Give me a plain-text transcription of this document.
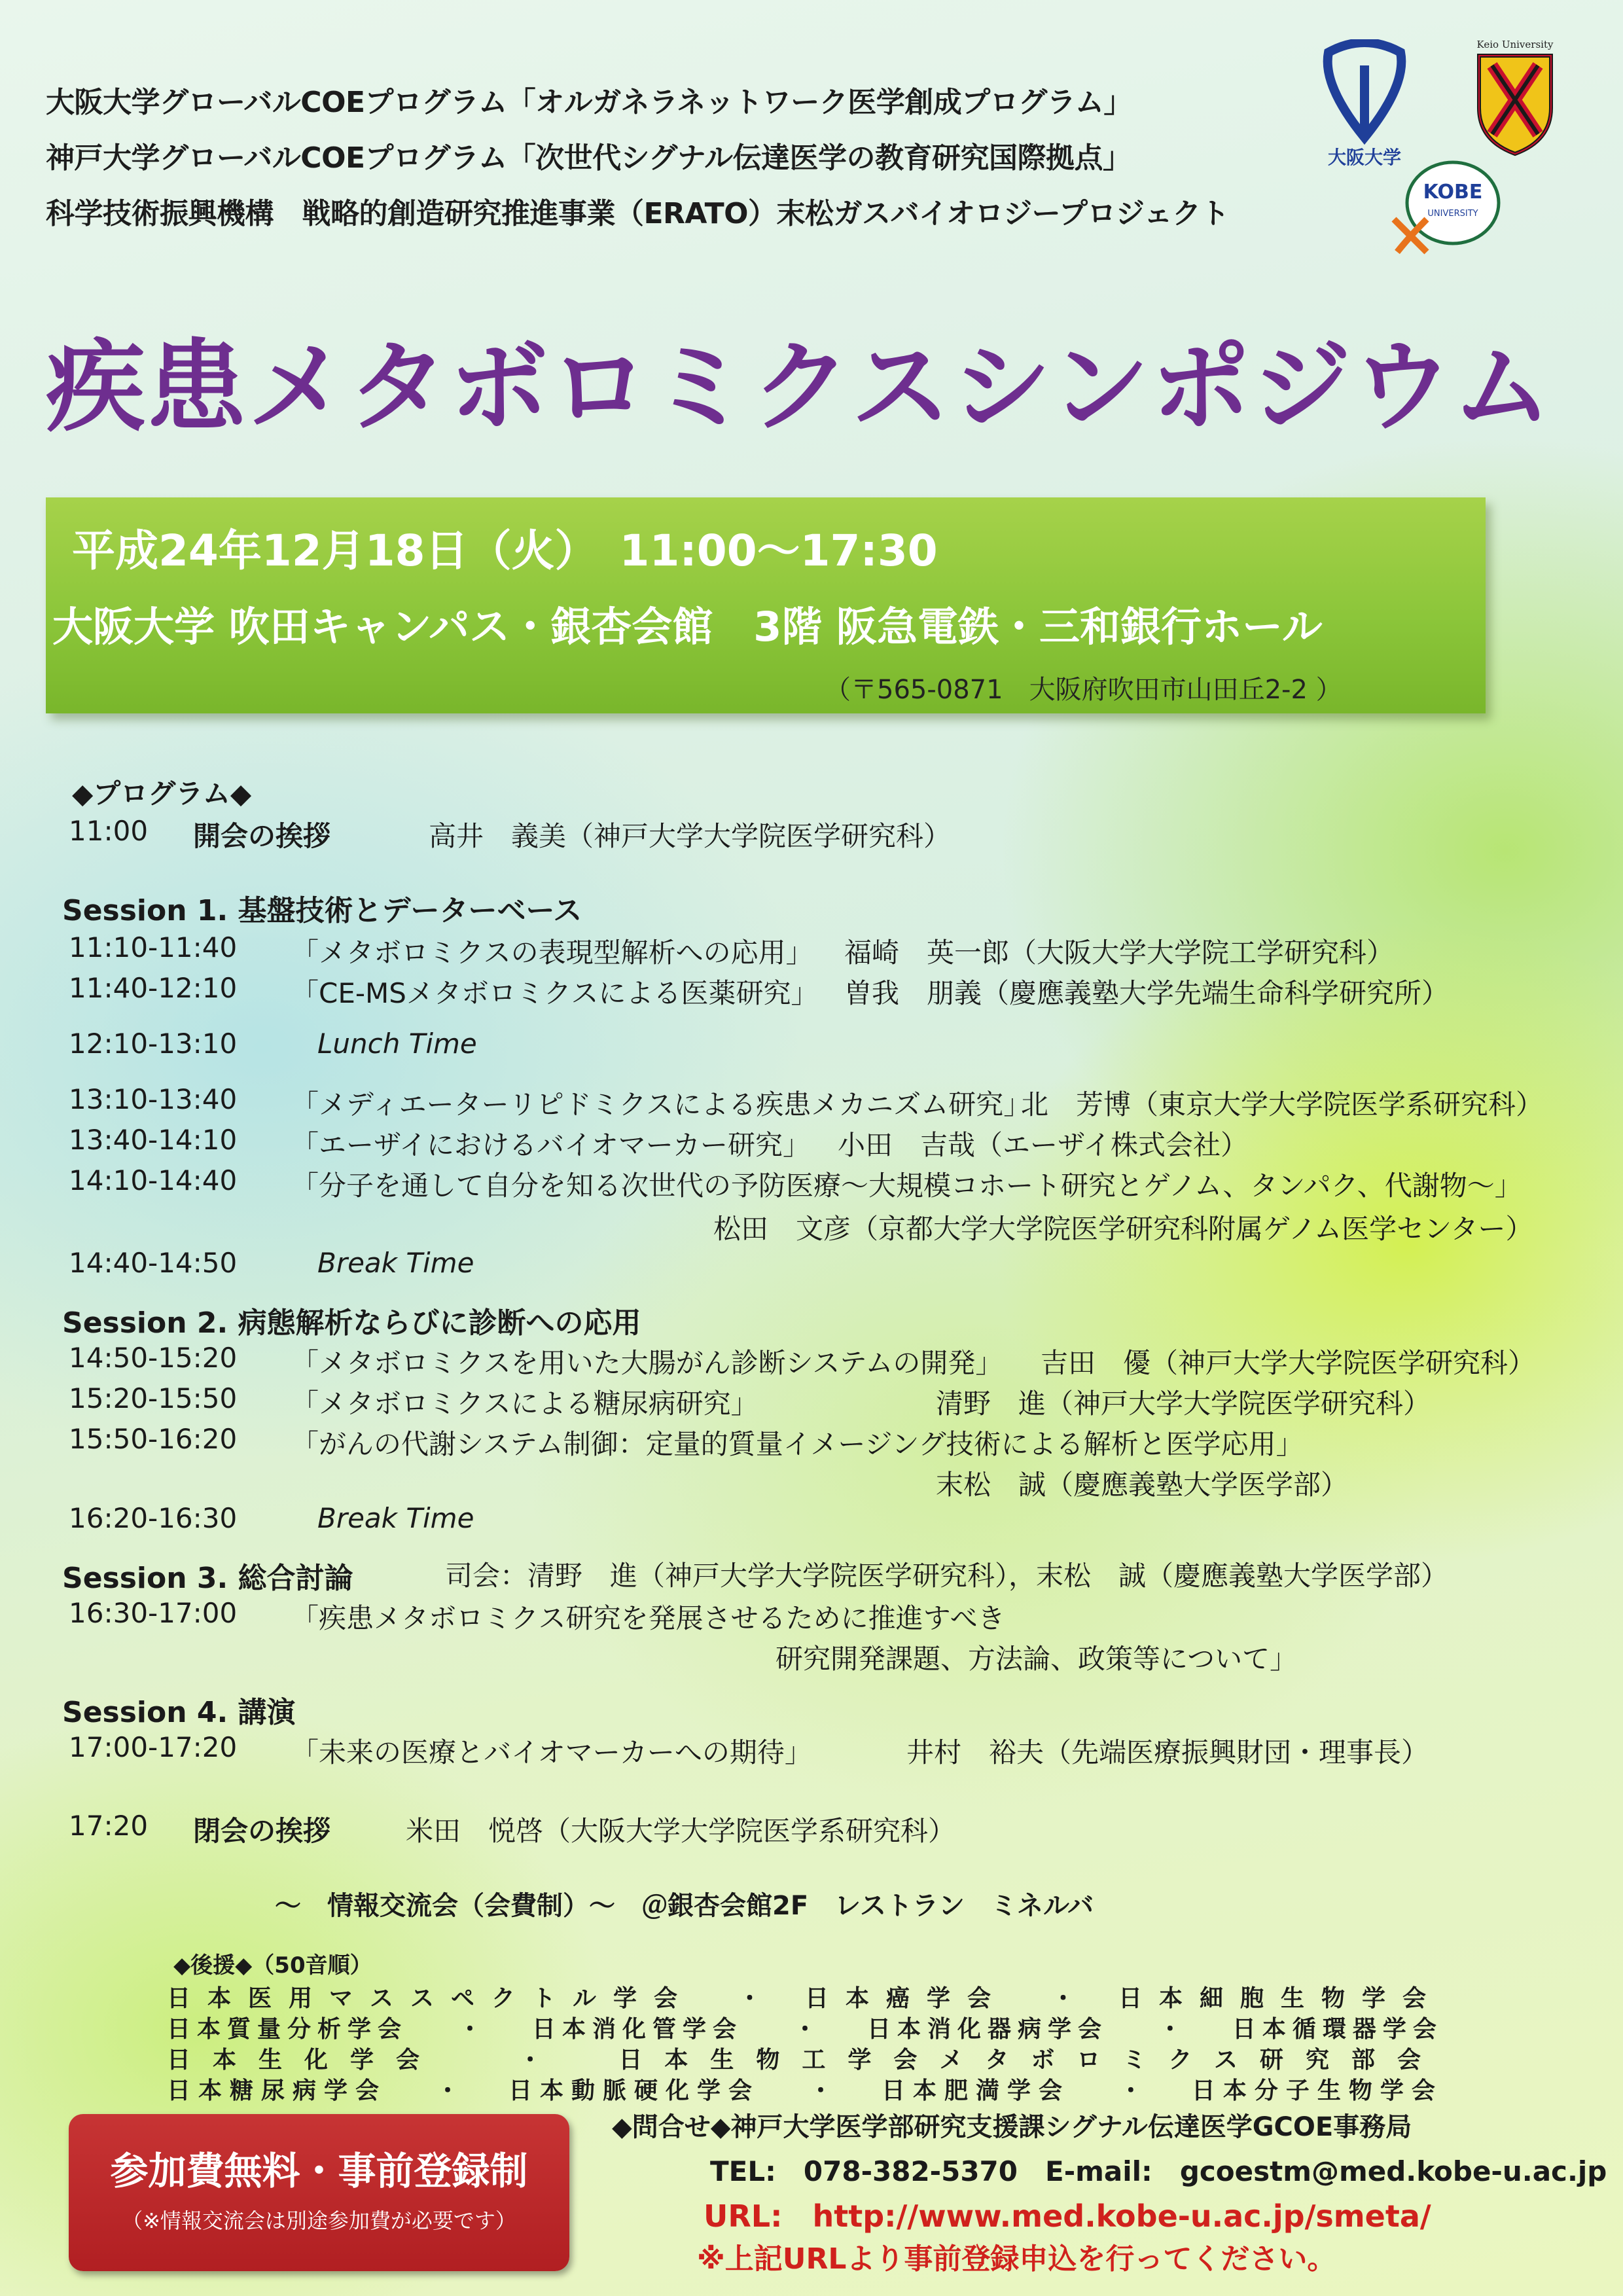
大阪大学グローバルCOEプログラム「オルガネラネットワーク医学創成プログラム」
神戸大学グローバルCOEプログラム「次世代シグナル伝達医学の教育研究国際拠点」
科学技術振興機構　戦略的創造研究推進事業（ERATO）末松ガスバイオロジープロジェクト
大阪大学
Keio University
KOBE
UNIVERSITY
疾患メタボロミクスシンポジウム
平成24年12月18日（火）　11:00～17:30
大阪大学 吹田キャンパス・銀杏会館　3階 阪急電鉄・三和銀行ホール
（〒565-0871　大阪府吹田市山田丘2-2 ）
◆プログラム◆
11:00 開会の挨拶	高井　義美（神戸大学大学院医学研究科）
Session 1. 基盤技術とデーターベース
11:10-11:40 「メタボロミクスの表現型解析への応用」 福崎　英一郎（大阪大学大学院工学研究科）
11:40-12:10 「CE-MSメタボロミクスによる医薬研究」 曽我　朋義（慶應義塾大学先端生命科学研究所）
12:10-13:10	Lunch Time
13:10-13:40 「メディエーターリピドミクスによる疾患メカニズム研究」
北　芳博（東京大学大学院医学系研究科）
13:40-14:10 「エーザイにおけるバイオマーカー研究」 小田　吉哉（エーザイ株式会社）
14:10-14:40 「分子を通して自分を知る次世代の予防医療～大規模コホート研究とゲノム、タンパク、代謝物～」
松田　文彦（京都大学大学院医学研究科附属ゲノム医学センター）
14:40-14:50	Break Time
Session 2. 病態解析ならびに診断への応用
14:50-15:20 「メタボロミクスを用いた大腸がん診断システムの開発」 吉田　優（神戸大学大学院医学研究科）
15:20-15:50 「メタボロミクスによる糖尿病研究」	清野　進（神戸大学大学院医学研究科）
15:50-16:20 「がんの代謝システム制御：定量的質量イメージング技術による解析と医学応用」
末松　誠（慶應義塾大学医学部）
16:20-16:30	Break Time
Session 3. 総合討論	司会：清野　進（神戸大学大学院医学研究科），末松　誠（慶應義塾大学医学部）
16:30-17:00 「疾患メタボロミクス研究を発展させるために推進すべき
研究開発課題、方法論、政策等について」
Session 4. 講演
17:00-17:20 「未来の医療とバイオマーカーへの期待」	井村　裕夫（先端医療振興財団・理事長）
17:20 閉会の挨拶	米田　悦啓（大阪大学大学院医学系研究科）
～　情報交流会（会費制）～　＠銀杏会館2F　レストラン　ミネルバ
◆後援◆（50音順）
日本医用マススペクトル学会 ・ 日本癌学会 ・ 日本細胞生物学会
日本質量分析学会 ・ 日本消化管学会 ・ 日本消化器病学会 ・ 日本循環器学会
日本生化学会	・	日本生物工学会メタボロミクス研究部会
日本糖尿病学会 ・ 日本動脈硬化学会 ・ 日本肥満学会 ・ 日本分子生物学会
参加費無料・事前登録制
（※情報交流会は別途参加費が必要です）
◆問合せ◆神戸大学医学部研究支援課シグナル伝達医学GCOE事務局
TEL:　078-382-5370　E-mail:　gcoestm@med.kobe-u.ac.jp
URL:　http://www.med.kobe-u.ac.jp/smeta/
※上記URLより事前登録申込を行ってください。
